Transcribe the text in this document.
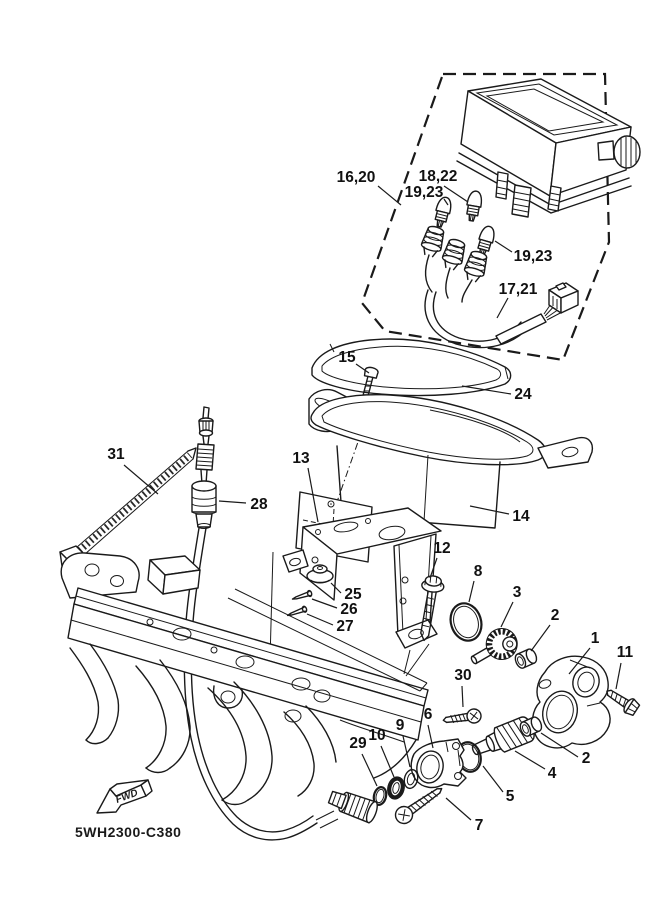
FWD
5WH2300-C380
16,20	18,22
19,23
19,23
17,21
15
24
14
13
31
28
25
26
27
12
8
3
2
1
11
30
6
9
10
29
2
4
5
7
